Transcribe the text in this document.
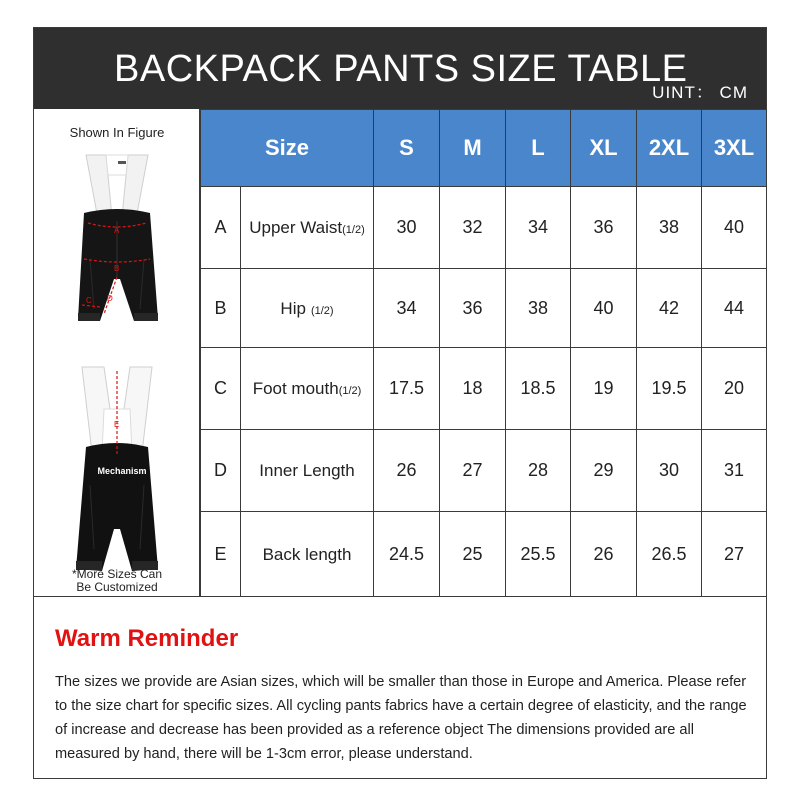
BACKPACK PANTS SIZE TABLE
UINT： CM
Shown In Figure
A
B
C D
Mechanism
E
*More Sizes Can
Be Customized
Size		S	M	L	XL	2XL	3XL
A	Upper Waist(1/2)	30	32	34	36	38	40
B	Hip (1/2)	34	36	38	40	42	44
C	Foot mouth(1/2)	17.5	18	18.5	19	19.5	20
D	Inner Length	26	27	28	29	30	31
E	Back length	24.5	25	25.5	26	26.5	27
Warm Reminder
The sizes we provide are Asian sizes, which will be smaller than those in Europe and America. Please refer to the size chart for specific sizes. All cycling pants fabrics have a certain degree of elasticity, and the range of increase and decrease has been provided as a reference object The dimensions provided are all measured by hand, there will be 1-3cm error, please understand.
